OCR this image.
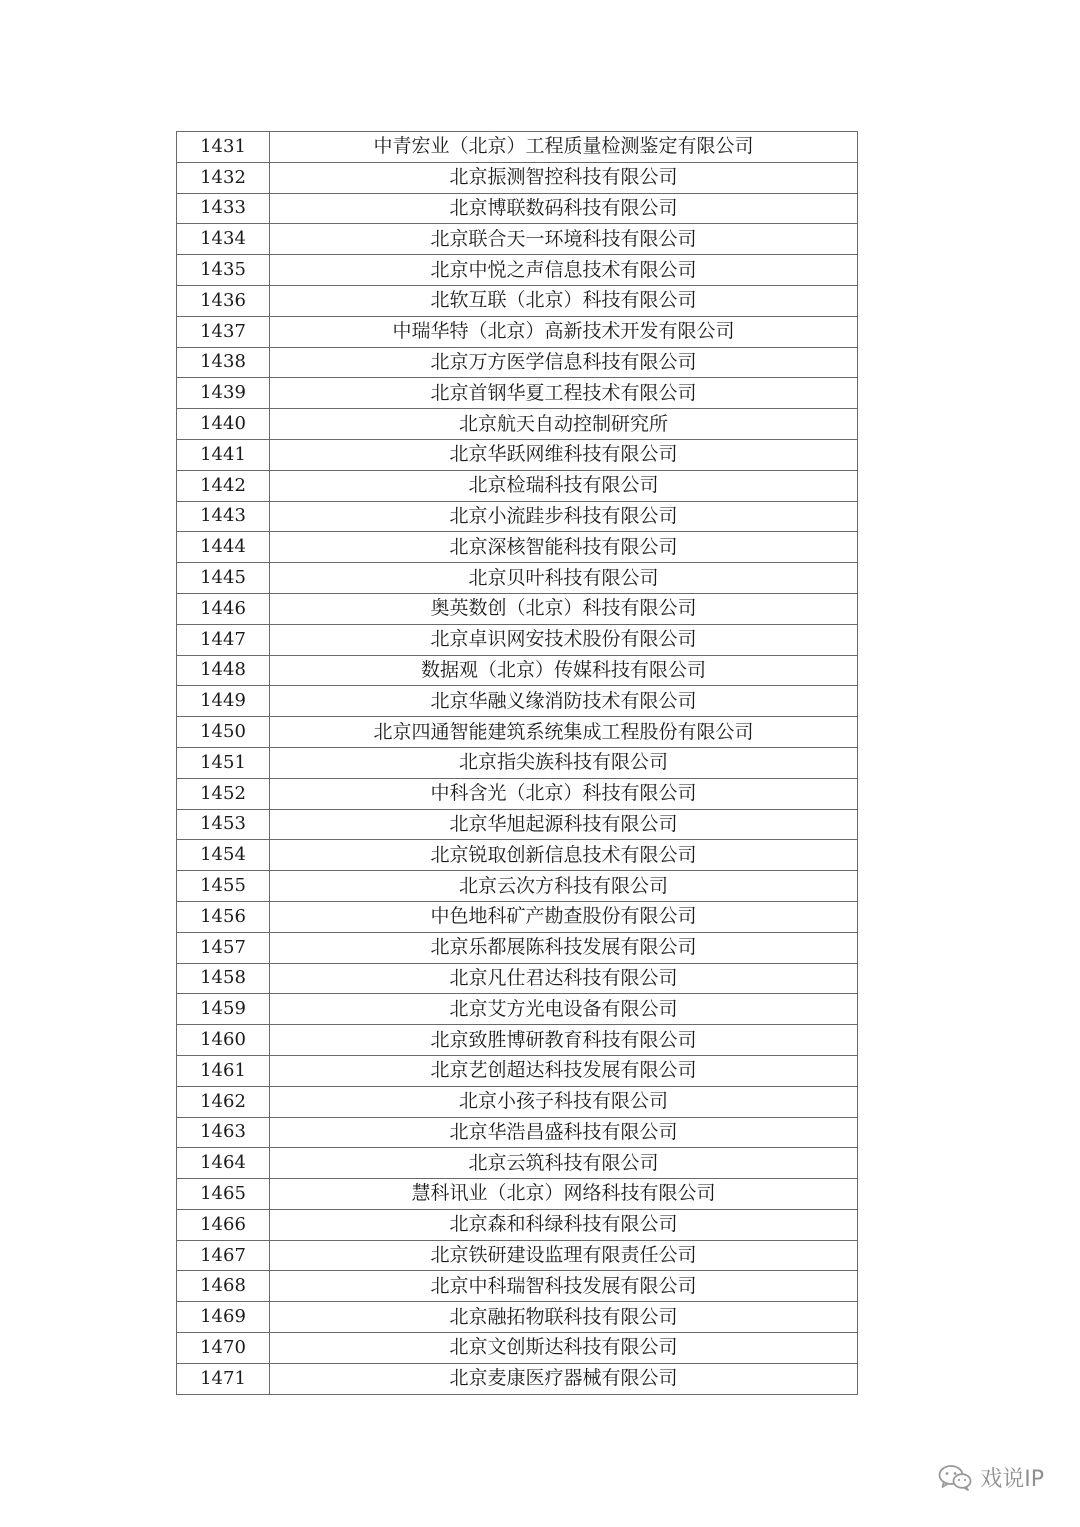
1431	中青宏业（北京）工程质量检测鉴定有限公司
1432	北京振测智控科技有限公司
1433	北京博联数码科技有限公司
1434	北京联合天一环境科技有限公司
1435	北京中悦之声信息技术有限公司
1436	北软互联（北京）科技有限公司
1437	中瑞华特（北京）高新技术开发有限公司
1438	北京万方医学信息科技有限公司
1439	北京首钢华夏工程技术有限公司
1440	北京航天自动控制研究所
1441	北京华跃网维科技有限公司
1442	北京检瑞科技有限公司
1443	北京小流跬步科技有限公司
1444	北京深核智能科技有限公司
1445	北京贝叶科技有限公司
1446	奥英数创（北京）科技有限公司
1447	北京卓识网安技术股份有限公司
1448	数据观（北京）传媒科技有限公司
1449	北京华融义缘消防技术有限公司
1450	北京四通智能建筑系统集成工程股份有限公司
1451	北京指尖族科技有限公司
1452	中科含光（北京）科技有限公司
1453	北京华旭起源科技有限公司
1454	北京锐取创新信息技术有限公司
1455	北京云次方科技有限公司
1456	中色地科矿产勘查股份有限公司
1457	北京乐都展陈科技发展有限公司
1458	北京凡仕君达科技有限公司
1459	北京艾方光电设备有限公司
1460	北京致胜博研教育科技有限公司
1461	北京艺创超达科技发展有限公司
1462	北京小孩子科技有限公司
1463	北京华浩昌盛科技有限公司
1464	北京云筑科技有限公司
1465	慧科讯业（北京）网络科技有限公司
1466	北京森和科绿科技有限公司
1467	北京铁研建设监理有限责任公司
1468	北京中科瑞智科技发展有限公司
1469	北京融拓物联科技有限公司
1470	北京文创斯达科技有限公司
1471	北京麦康医疗器械有限公司
戏说IP
